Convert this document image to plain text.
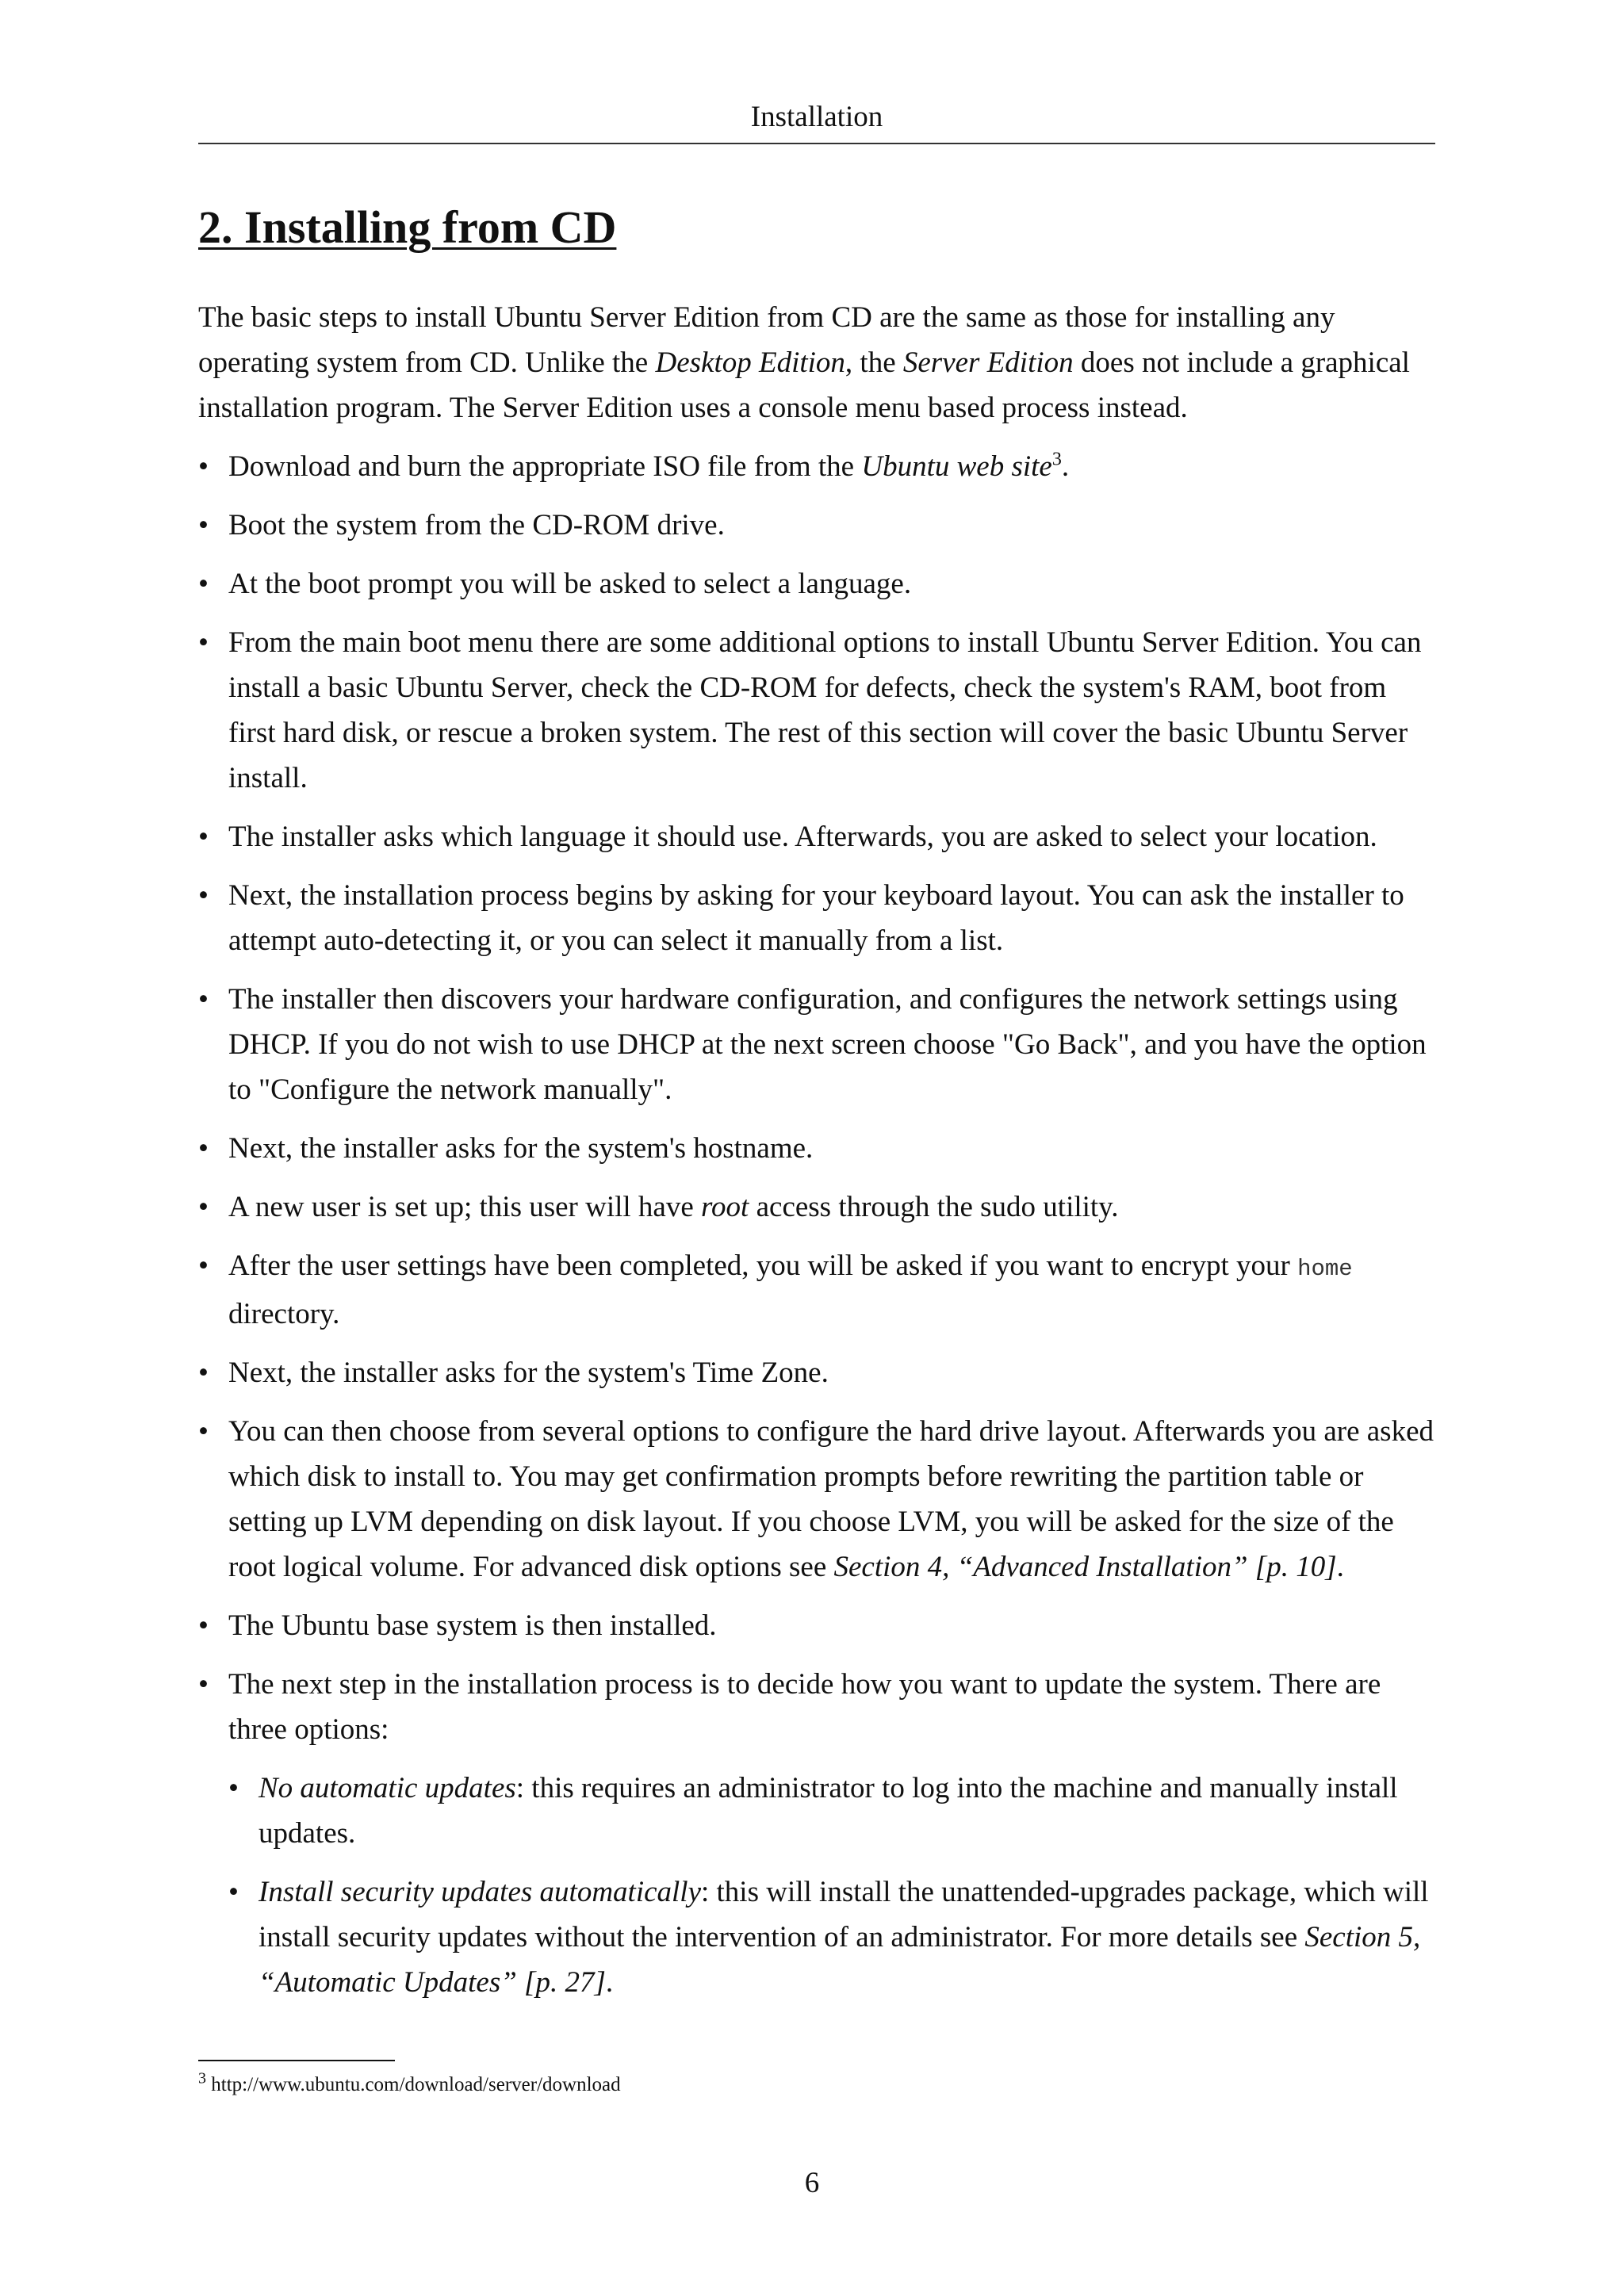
Installation
2. Installing from CD

The basic steps to install Ubuntu Server Edition from CD are the same as those for installing any operating system from CD. Unlike the Desktop Edition, the Server Edition does not include a graphical installation program. The Server Edition uses a console menu based process instead.

• Download and burn the appropriate ISO file from the Ubuntu web site$^3$.
• Boot the system from the CD-ROM drive.
• At the boot prompt you will be asked to select a language.
• From the main boot menu there are some additional options to install Ubuntu Server Edition. You can install a basic Ubuntu Server, check the CD-ROM for defects, check the system's RAM, boot from first hard disk, or rescue a broken system. The rest of this section will cover the basic Ubuntu Server install.
• The installer asks which language it should use. Afterwards, you are asked to select your location.
• Next, the installation process begins by asking for your keyboard layout. You can ask the installer to attempt auto-detecting it, or you can select it manually from a list.
• The installer then discovers your hardware configuration, and configures the network settings using DHCP. If you do not wish to use DHCP at the next screen choose "Go Back", and you have the option to "Configure the network manually".
• Next, the installer asks for the system's hostname.
• A new user is set up; this user will have root access through the sudo utility.
• After the user settings have been completed, you will be asked if you want to encrypt your home directory.
• Next, the installer asks for the system's Time Zone.
• You can then choose from several options to configure the hard drive layout. Afterwards you are asked which disk to install to. You may get confirmation prompts before rewriting the partition table or setting up LVM depending on disk layout. If you choose LVM, you will be asked for the size of the root logical volume. For advanced disk options see Section 4, “Advanced Installation” [p. 10].
• The Ubuntu base system is then installed.
• The next step in the installation process is to decide how you want to update the system. There are three options:
• No automatic updates: this requires an administrator to log into the machine and manually install updates.
• Install security updates automatically: this will install the unattended-upgrades package, which will install security updates without the intervention of an administrator. For more details see Section 5, “Automatic Updates” [p. 27].
$^3$ http://www.ubuntu.com/download/server/download
6
